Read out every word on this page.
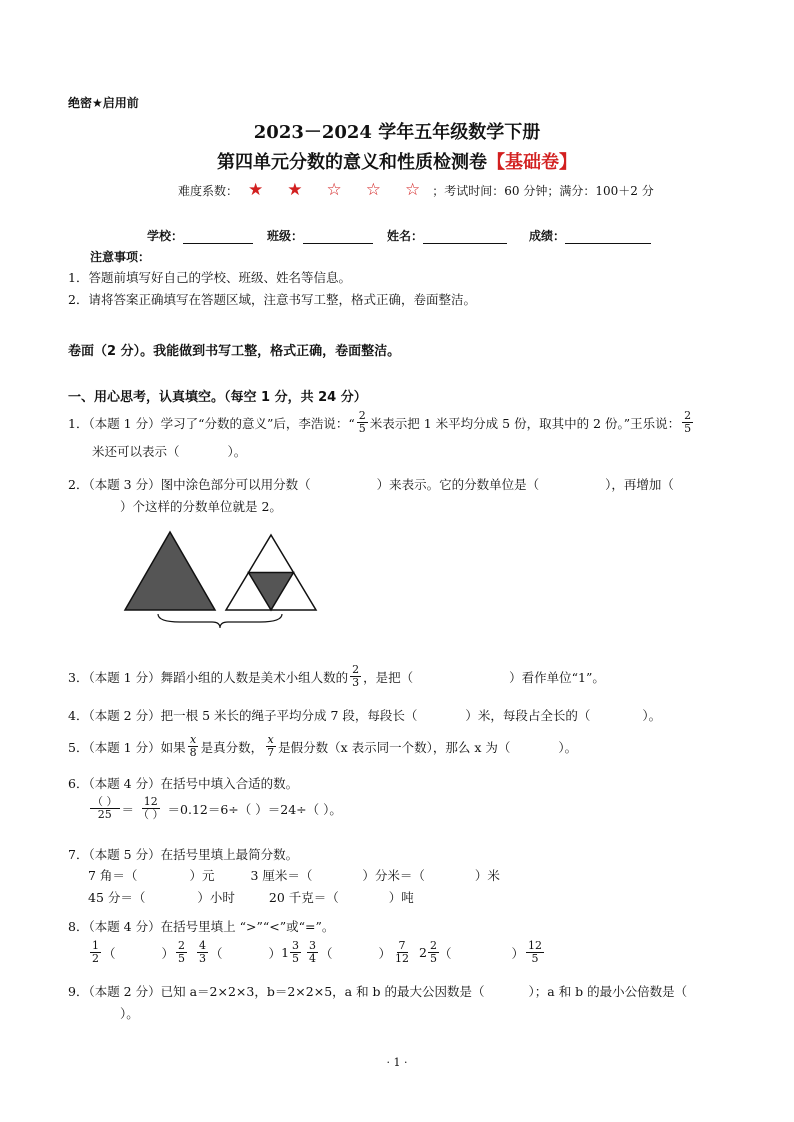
绝密★启用前
2023－2024 学年五年级数学下册
第四单元分数的意义和性质检测卷【基础卷】
难度系数： ★ ★ ☆ ☆ ☆ ；考试时间：60 分钟；满分：100＋2 分
学校：	班级：	姓名：	成绩：
注意事项：
1．答题前填写好自己的学校、班级、姓名等信息。
2．请将答案正确填写在答题区域，注意书写工整，格式正确，卷面整洁。
卷面（2 分）。我能做到书写工整，格式正确，卷面整洁。
一、用心思考，认真填空。（每空 1 分，共 24 分）
1．（本题 1 分）学习了“分数的意义”后，李浩说：“ $\frac{2}{5}$ 米表示把 1 米平均分成 5 份，取其中的 2 份。”王乐说： $\frac{2}{5}$
米还可以表示（	）。
2．（本题 3 分）图中涂色部分可以用分数（	）来表示。它的分数单位是（	），再增加（
）个这样的分数单位就是 2。
3．（本题 1 分）舞蹈小组的人数是美术小组人数的 $\frac{2}{3}$ ，是把（	）看作单位“1”。
4．（本题 2 分）把一根 5 米长的绳子平均分成 7 段，每段长（	）米，每段占全长的（	）。
5．（本题 1 分）如果 $\frac{x}{8}$ 是真分数， $\frac{x}{7}$ 是假分数（x 表示同一个数），那么 x 为（	）。
6．（本题 4 分）在括号中填入合适的数。
$\frac{( )}{25} = \frac{12}{( )} =0.12=6\div$（ ）＝24÷（ ）。
7．（本题 5 分）在括号里填上最简分数。
7 角＝（	）元	3 厘米＝（	）分米＝（	）米
45 分＝（	）小时	20 千克＝（	）吨
8．（本题 4 分）在括号里填上 “>”“<”或“=”。
$\frac{1}{2}$ （	） $\frac{2}{5} \frac{4}{3}$ （	） $1 \frac{3}{5} \frac{3}{4}$ （	） $\frac{7}{12} 2 \frac{2}{5}$ （	） $\frac{12}{5}$
9．（本题 2 分）已知 a＝2×2×3，b＝2×2×5，a 和 b 的最大公因数是（	）；a 和 b 的最小公倍数是（
）。
· 1 ·
